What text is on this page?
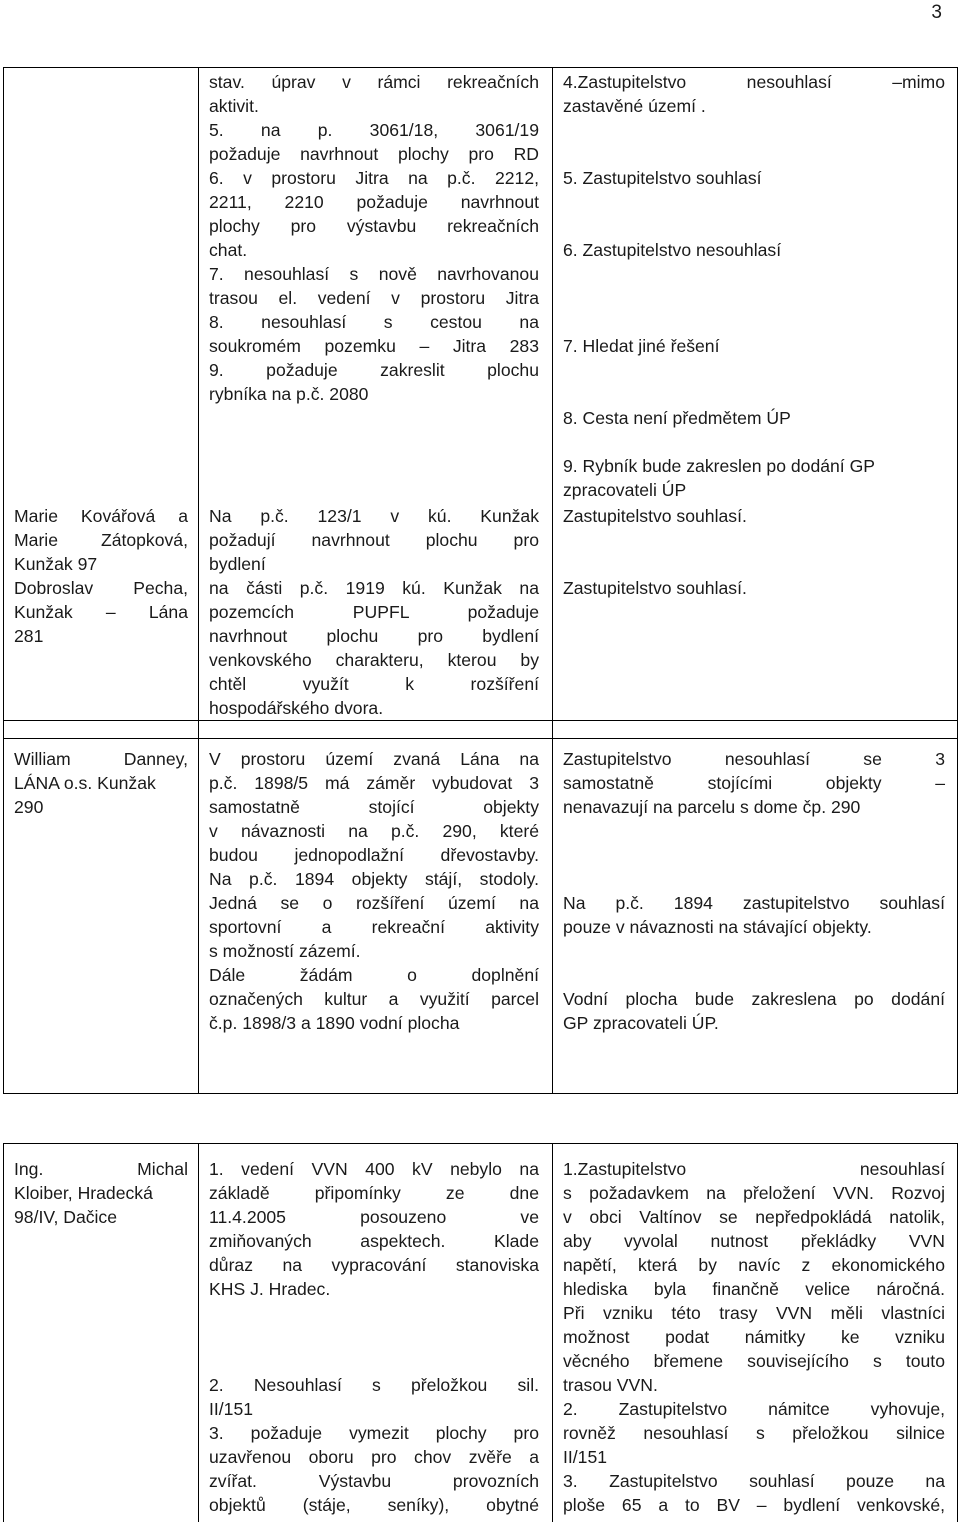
3
stav. úprav v rámci rekreačních
aktivit.
5. na p. 3061/18, 3061/19
požaduje navrhnout plochy pro RD
6. v prostoru Jitra na p.č. 2212,
2211, 2210 požaduje navrhnout
plochy pro výstavbu rekreačních
chat.
7. nesouhlasí s nově navrhovanou
trasou el. vedení v prostoru Jitra
8. nesouhlasí s cestou na
soukromém pozemku – Jitra 283
9. požaduje zakreslit plochu
rybníka na p.č. 2080
4.Zastupitelstvo nesouhlasí –mimo
zastavěné území .
5. Zastupitelstvo souhlasí
6. Zastupitelstvo nesouhlasí
7. Hledat jiné řešení
8. Cesta není předmětem ÚP
9. Rybník bude zakreslen po dodání GP
zpracovateli ÚP
Marie Kovářová a
Marie Zátopková,
Kunžak 97
Dobroslav Pecha,
Kunžak – Lána
281
Na p.č. 123/1 v kú. Kunžak
požadují navrhnout plochu pro
bydlení
na části p.č. 1919 kú. Kunžak na
pozemcích PUPFL požaduje
navrhnout plochu pro bydlení
venkovského charakteru, kterou by
chtěl využít k rozšíření
hospodářského dvora.
Zastupitelstvo souhlasí.
Zastupitelstvo souhlasí.
William Danney,
LÁNA o.s. Kunžak
290
V prostoru území zvaná Lána na
p.č. 1898/5 má záměr vybudovat 3
samostatně stojící objekty
v návaznosti na p.č. 290, které
budou jednopodlažní dřevostavby.
Na p.č. 1894 objekty stájí, stodoly.
Jedná se o rozšíření území na
sportovní a rekreační aktivity
s možností zázemí.
Dále žádám o doplnění
označených kultur a využití parcel
č.p. 1898/3 a 1890 vodní plocha
Zastupitelstvo nesouhlasí se 3
samostatně stojícími objekty –
nenavazují na parcelu s dome čp. 290
Na p.č. 1894 zastupitelstvo souhlasí
pouze v návaznosti na stávající objekty.
Vodní plocha bude zakreslena po dodání
GP zpracovateli ÚP.
Ing. Michal
Kloiber, Hradecká
98/IV, Dačice
1. vedení VVN 400 kV nebylo na
základě připomínky ze dne
11.4.2005 posouzeno ve
zmiňovaných aspektech. Klade
důraz na vypracování stanoviska
KHS J. Hradec.
2. Nesouhlasí s přeložkou sil.
II/151
3. požaduje vymezit plochy pro
uzavřenou oboru pro chov zvěře a
zvířat. Výstavbu provozních
objektů (stáje, seníky), obytné
1.Zastupitelstvo nesouhlasí
s požadavkem na přeložení VVN. Rozvoj
v obci Valtínov se nepředpokládá natolik,
aby vyvolal nutnost překládky VVN
napětí, která by navíc z ekonomického
hlediska byla finančně velice náročná.
Při vzniku této trasy VVN měli vlastníci
možnost podat námitky ke vzniku
věcného břemene souvisejícího s touto
trasou VVN.
2. Zastupitelstvo námitce vyhovuje,
rovněž nesouhlasí s přeložkou silnice
II/151
3. Zastupitelstvo souhlasí pouze na
ploše 65 a to BV – bydlení venkovské,
